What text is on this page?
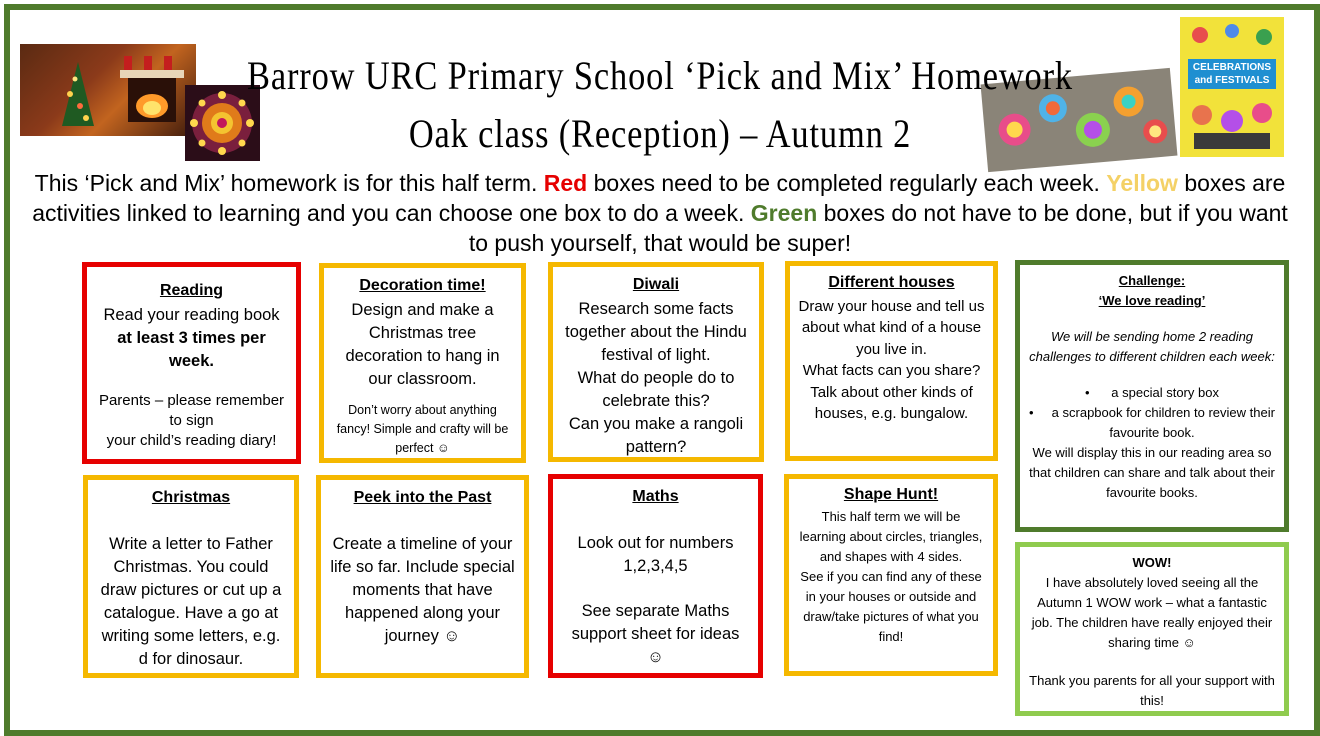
CELEBRATIONS and FESTIVALS
Barrow URC Primary School ‘Pick and Mix’ Homework
Oak class (Reception) – Autumn 2
This ‘Pick and Mix’ homework is for this half term. Red boxes need to be completed regularly each week. Yellow boxes are activities linked to learning and you can choose one box to do a week. Green boxes do not have to be done, but if you want to push yourself, that would be super!
Reading
Read your reading book
at least 3 times per week.
Parents – please remember to sign
your child’s reading diary!
Decoration time!
Design and make a Christmas tree decoration to hang in our classroom.
Don’t worry about anything fancy! Simple and crafty will be perfect ☺
Diwali
Research some facts together about the Hindu festival of light.
What do people do to celebrate this?
Can you make a rangoli pattern?
Different houses
Draw your house and tell us about what kind of a house you live in.
What facts can you share?
Talk about other kinds of houses, e.g. bungalow.
Challenge:
‘We love reading’
We will be sending home 2 reading challenges to different children each week:
•      a special story box
•     a scrapbook for children to review their favourite book.
We will display this in our reading area so that children can share and talk about their favourite books.
Christmas
Write a letter to Father Christmas. You could draw pictures or cut up a catalogue. Have a go at writing some letters, e.g. d for dinosaur.
Peek into the Past
Create a timeline of your life so far. Include special moments that have happened along your journey ☺
Maths
Look out for numbers 1,2,3,4,5
See separate Maths support sheet for ideas ☺
Shape Hunt!
This half term we will be learning about circles, triangles, and shapes with 4 sides.
See if you can find any of these in your houses or outside and draw/take pictures of what you find!
WOW!
I have absolutely loved seeing all the Autumn 1 WOW work – what a fantastic job. The children have really enjoyed their sharing time ☺
Thank you parents for all your support with this!
